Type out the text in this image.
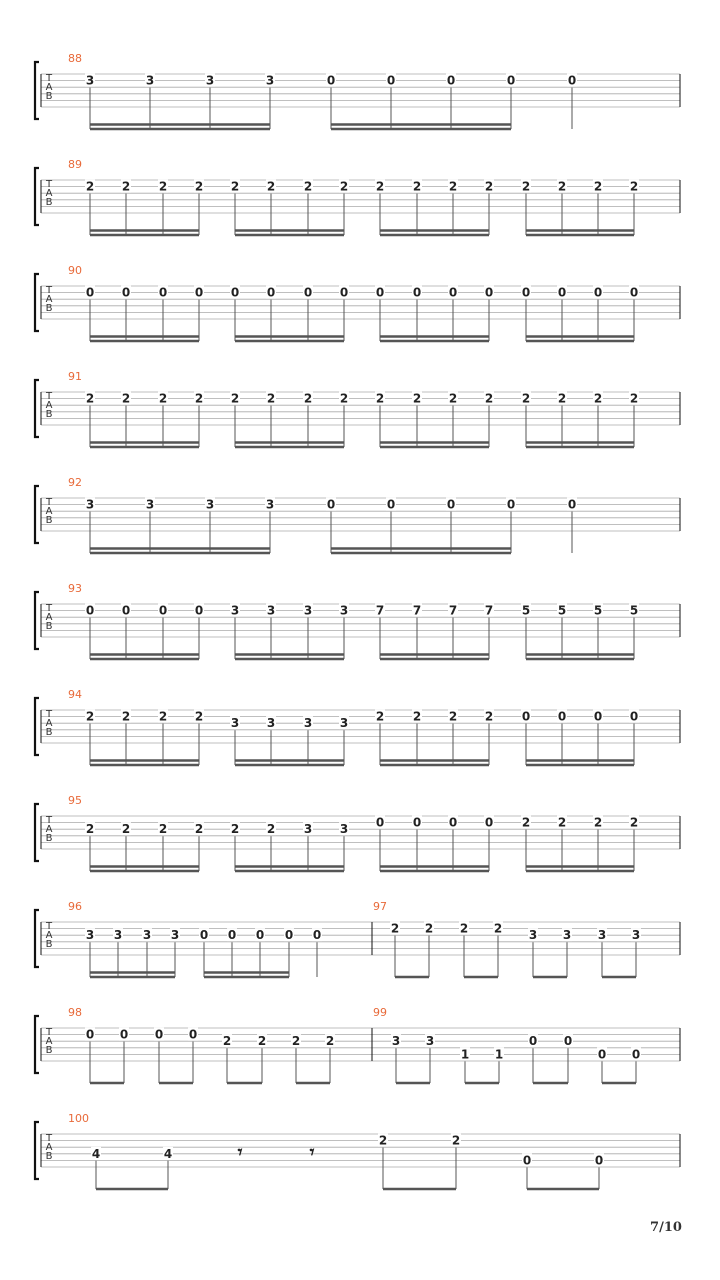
T
A
B
88
3	3	3	3	0	0	0	0	0
T
A
B
89
2 2 2 2 2 2 2 2 2 2 2 2 2 2 2 2
T
A
B
90
0 0 0 0 0 0 0 0 0 0 0 0 0 0 0 0
T
A
B
91
2 2 2 2 2 2 2 2 2 2 2 2 2 2 2 2
T
A
B
92
3	3	3	3	0	0	0	0	0
T
A
B
93
0 0 0 0 3 3 3 3 7 7 7 7 5 5 5 5
T
A
B
94
2 2 2 2 3 3 3 3 2 2 2 2 0 0 0 0
T
A
B
95
2 2 2 2 2 2 3 3 0 0 0 0 2 2 2 2
T
A
B
96
3 3 3 3 0 0 0 0 0
97
2 2 2 2 3 3 3 3
T
A
B
98
0 0 0 0 2 2 2 2
99
3 3
1 1
0 0
0 0
T
A
B
100
4	4	𝄾	𝄾
2	2
0	0
7/10
